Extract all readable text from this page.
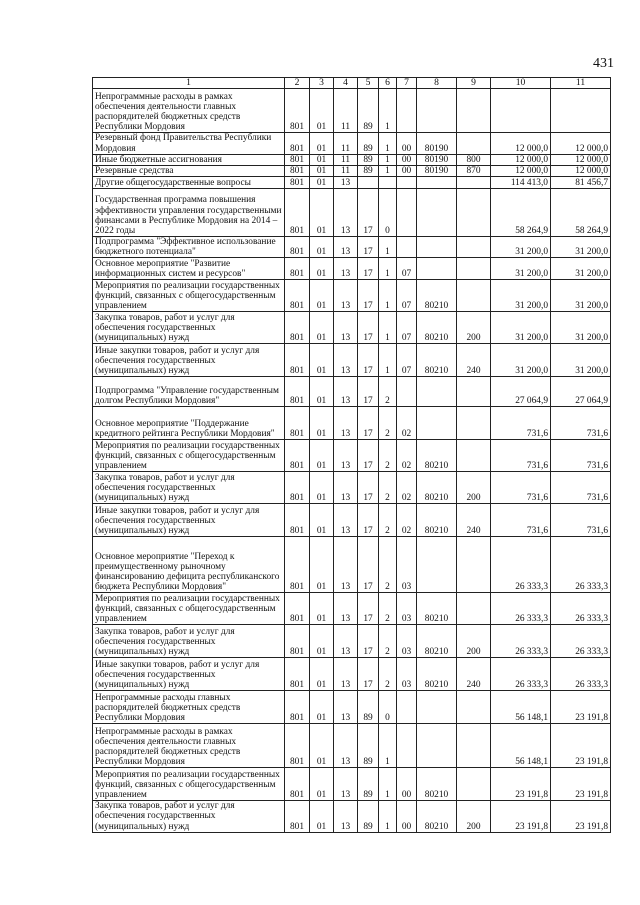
431
1	2	3	4	5	6	7	8	9	10	11
Непрограммные расходы в рамках обеспечения деятельности главных распорядителей бюджетных средств Республики Мордовия	801	01	11	89	1					
Резервный фонд Правительства Республики Мордовия	801	01	11	89	1	00	80190		12 000,0	12 000,0
Иные бюджетные ассигнования	801	01	11	89	1	00	80190	800	12 000,0	12 000,0
Резервные средства	801	01	11	89	1	00	80190	870	12 000,0	12 000,0
Другие общегосударственные вопросы	801	01	13						114 413,0	81 456,7
Государственная программа повышения эффективности управления государственными финансами в Республике Мордовия на 2014 – 2022 годы	801	01	13	17	0				58 264,9	58 264,9
Подпрограмма "Эффективное использование бюджетного потенциала"	801	01	13	17	1				31 200,0	31 200,0
Основное мероприятие "Развитие информационных систем и ресурсов"	801	01	13	17	1	07			31 200,0	31 200,0
Мероприятия по реализации государственных функций, связанных с общегосударственным управлением	801	01	13	17	1	07	80210		31 200,0	31 200,0
Закупка товаров, работ и услуг для обеспечения государственных (муниципальных) нужд	801	01	13	17	1	07	80210	200	31 200,0	31 200,0
Иные закупки товаров, работ и услуг для обеспечения государственных (муниципальных) нужд	801	01	13	17	1	07	80210	240	31 200,0	31 200,0
Подпрограмма "Управление государственным долгом Республики Мордовия"	801	01	13	17	2				27 064,9	27 064,9
Основное мероприятие "Поддержание кредитного рейтинга Республики Мордовия"	801	01	13	17	2	02			731,6	731,6
Мероприятия по реализации государственных функций, связанных с общегосударственным управлением	801	01	13	17	2	02	80210		731,6	731,6
Закупка товаров, работ и услуг для обеспечения государственных (муниципальных) нужд	801	01	13	17	2	02	80210	200	731,6	731,6
Иные закупки товаров, работ и услуг для обеспечения государственных (муниципальных) нужд	801	01	13	17	2	02	80210	240	731,6	731,6
Основное мероприятие "Переход к преимущественному рыночному финансированию дефицита республиканского бюджета Республики Мордовия"	801	01	13	17	2	03			26 333,3	26 333,3
Мероприятия по реализации государственных функций, связанных с общегосударственным управлением	801	01	13	17	2	03	80210		26 333,3	26 333,3
Закупка товаров, работ и услуг для обеспечения государственных (муниципальных) нужд	801	01	13	17	2	03	80210	200	26 333,3	26 333,3
Иные закупки товаров, работ и услуг для обеспечения государственных (муниципальных) нужд	801	01	13	17	2	03	80210	240	26 333,3	26 333,3
Непрограммные расходы главных распорядителей бюджетных средств Республики Мордовия	801	01	13	89	0				56 148,1	23 191,8
Непрограммные расходы в рамках обеспечения деятельности главных распорядителей бюджетных средств Республики Мордовия	801	01	13	89	1				56 148,1	23 191,8
Мероприятия по реализации государственных функций, связанных с общегосударственным управлением	801	01	13	89	1	00	80210		23 191,8	23 191,8
Закупка товаров, работ и услуг для обеспечения государственных (муниципальных) нужд	801	01	13	89	1	00	80210	200	23 191,8	23 191,8
